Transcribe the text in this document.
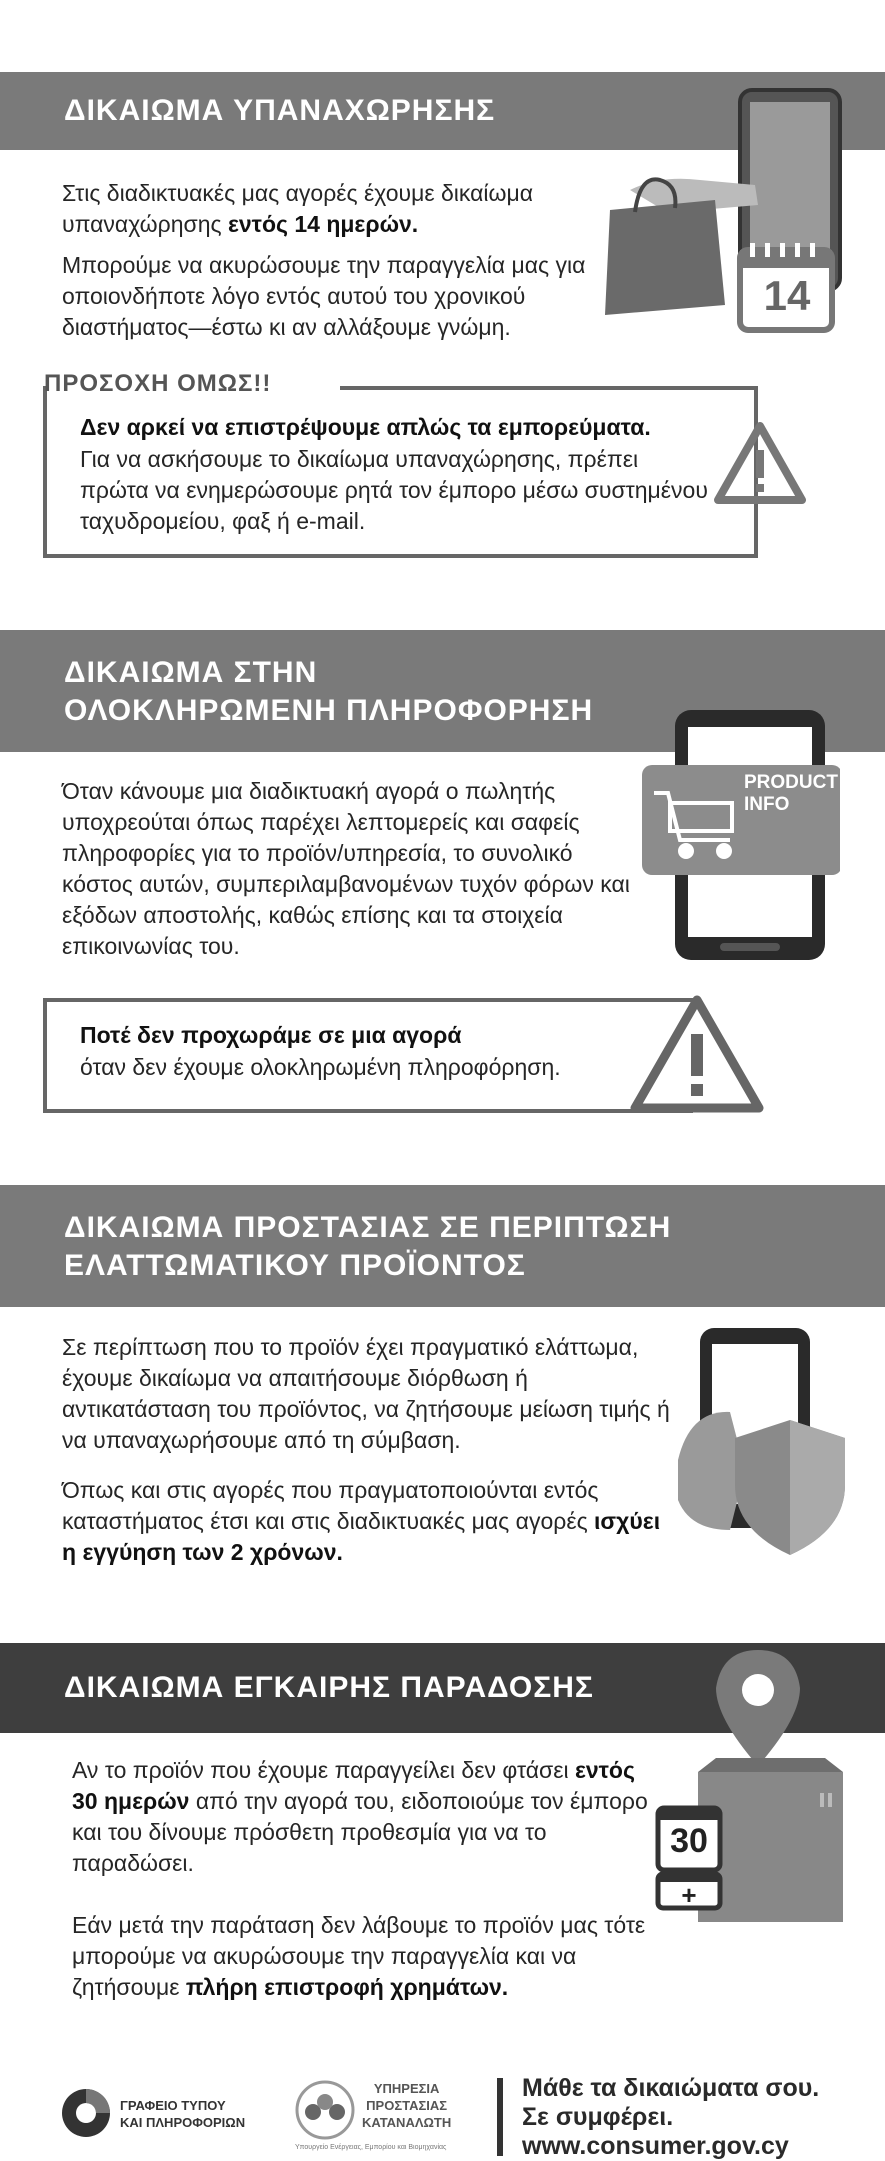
ΔΙΚΑΙΩΜΑ ΥΠΑΝΑΧΩΡΗΣΗΣ
14
Στις διαδικτυακές μας αγορές έχουμε δικαίωμα υπαναχώρησης εντός 14 ημερών.
Μπορούμε να ακυρώσουμε την παραγγελία μας για οποιονδήποτε λόγο εντός αυτού του χρονικού διαστήματος—έστω κι αν αλλάξουμε γνώμη.
ΠΡΟΣΟΧΗ ΟΜΩΣ!!
Δεν αρκεί να επιστρέψουμε απλώς τα εμπορεύματα.
Για να ασκήσουμε το δικαίωμα υπαναχώρησης, πρέπει πρώτα να ενημερώσουμε ρητά τον έμπορο μέσω συστημένου ταχυδρομείου, φαξ ή e-mail.
ΔΙΚΑΙΩΜΑ ΣΤΗΝ
ΟΛΟΚΛΗΡΩΜΕΝΗ ΠΛΗΡΟΦΟΡΗΣΗ
PRODUCT
INFO
Όταν κάνουμε μια διαδικτυακή αγορά ο πωλητής υποχρεούται όπως παρέχει λεπτομερείς και σαφείς πληροφορίες για το προϊόν/υπηρεσία, το συνολικό κόστος αυτών, συμπεριλαμβανομένων τυχόν φόρων και εξόδων αποστολής, καθώς επίσης και τα στοιχεία επικοινωνίας του.
Ποτέ δεν προχωράμε σε μια αγορά
όταν δεν έχουμε ολοκληρωμένη πληροφόρηση.
ΔΙΚΑΙΩΜΑ ΠΡΟΣΤΑΣΙΑΣ ΣΕ ΠΕΡΙΠΤΩΣΗ
ΕΛΑΤΤΩΜΑΤΙΚΟΥ ΠΡΟΪΟΝΤΟΣ
Σε περίπτωση που το προϊόν έχει πραγματικό ελάττωμα, έχουμε δικαίωμα να απαιτήσουμε διόρθωση ή αντικατάσταση του προϊόντος, να ζητήσουμε μείωση τιμής ή να υπαναχωρήσουμε από τη σύμβαση.
Όπως και στις αγορές που πραγματοποιούνται εντός καταστήματος έτσι και στις διαδικτυακές μας αγορές ισχύει η εγγύηση των 2 χρόνων.
ΔΙΚΑΙΩΜΑ ΕΓΚΑΙΡΗΣ ΠΑΡΑΔΟΣΗΣ
30
+
Αν το προϊόν που έχουμε παραγγείλει δεν φτάσει εντός 30 ημερών από την αγορά του, ειδοποιούμε τον έμπορο και του δίνουμε πρόσθετη προθεσμία για να το παραδώσει.
Εάν μετά την παράταση δεν λάβουμε το προϊόν μας τότε μπορούμε να ακυρώσουμε την παραγγελία και να ζητήσουμε πλήρη επιστροφή χρημάτων.
ΓΡΑΦΕΙΟ ΤΥΠΟΥ
ΚΑΙ ΠΛΗΡΟΦΟΡΙΩΝ
ΥΠΗΡΕΣΙΑ
ΠΡΟΣΤΑΣΙΑΣ
ΚΑΤΑΝΑΛΩΤΗ
Υπουργείο Ενέργειας, Εμπορίου και Βιομηχανίας
Μάθε τα δικαιώματα σου.
Σε συμφέρει.
www.consumer.gov.cy
